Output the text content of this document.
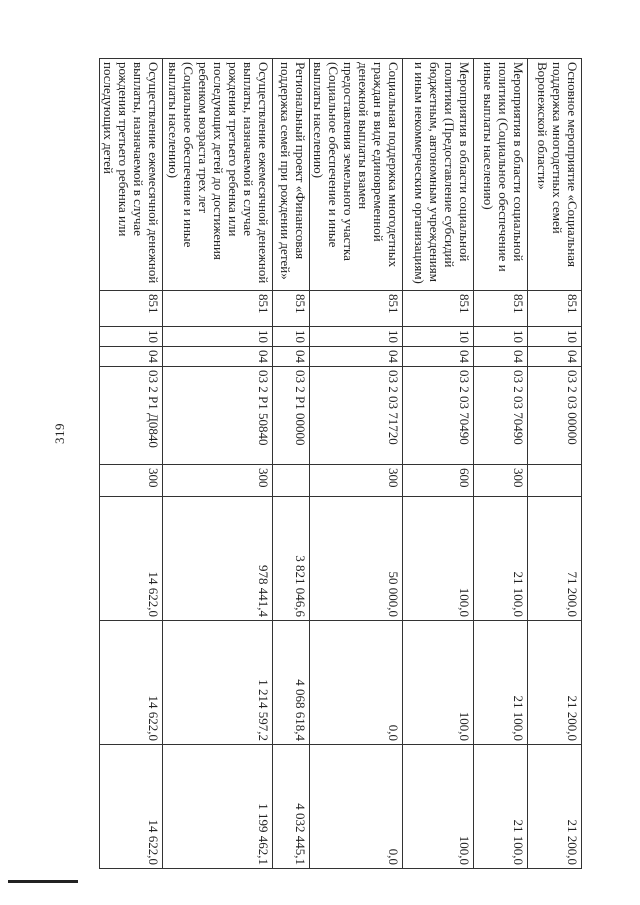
319
Основное мероприятие «Социальная поддержка многодетных семей Воронежской области»	851	10	04	03 2 03 00000		71 200,0	21 200,0	21 200,0
Мероприятия в области социальной политики (Социальное обеспечение и иные выплаты населению)	851	10	04	03 2 03 70490	300	21 100,0	21 100,0	21 100,0
Мероприятия в области социальной политики (Предоставление субсидий бюджетным, автономным учреждениям и иным некоммерческим организациям)	851	10	04	03 2 03 70490	600	100,0	100,0	100,0
Социальная поддержка многодетных граждан в виде единовременной денежной выплаты взамен предоставления земельного участка (Социальное обеспечение и иные выплаты населению)	851	10	04	03 2 03 71720	300	50 000,0	0,0	0,0
Региональный проект «Финансовая поддержка семей при рождении детей»	851	10	04	03 2 P1 00000		3 821 046,6	4 068 618,4	4 032 445,1
Осуществление ежемесячной денежной выплаты, назначаемой в случае рождения третьего ребенка или последующих детей до достижения ребенком возраста трех лет (Социальное обеспечение и иные выплаты населению)	851	10	04	03 2 P1 50840	300	978 441,4	1 214 597,2	1 199 462,1
Осуществление ежемесячной денежной выплаты, назначаемой в случае рождения третьего ребенка или последующих детей	851	10	04	03 2 P1 Д0840	300	14 622,0	14 622,0	14 622,0
